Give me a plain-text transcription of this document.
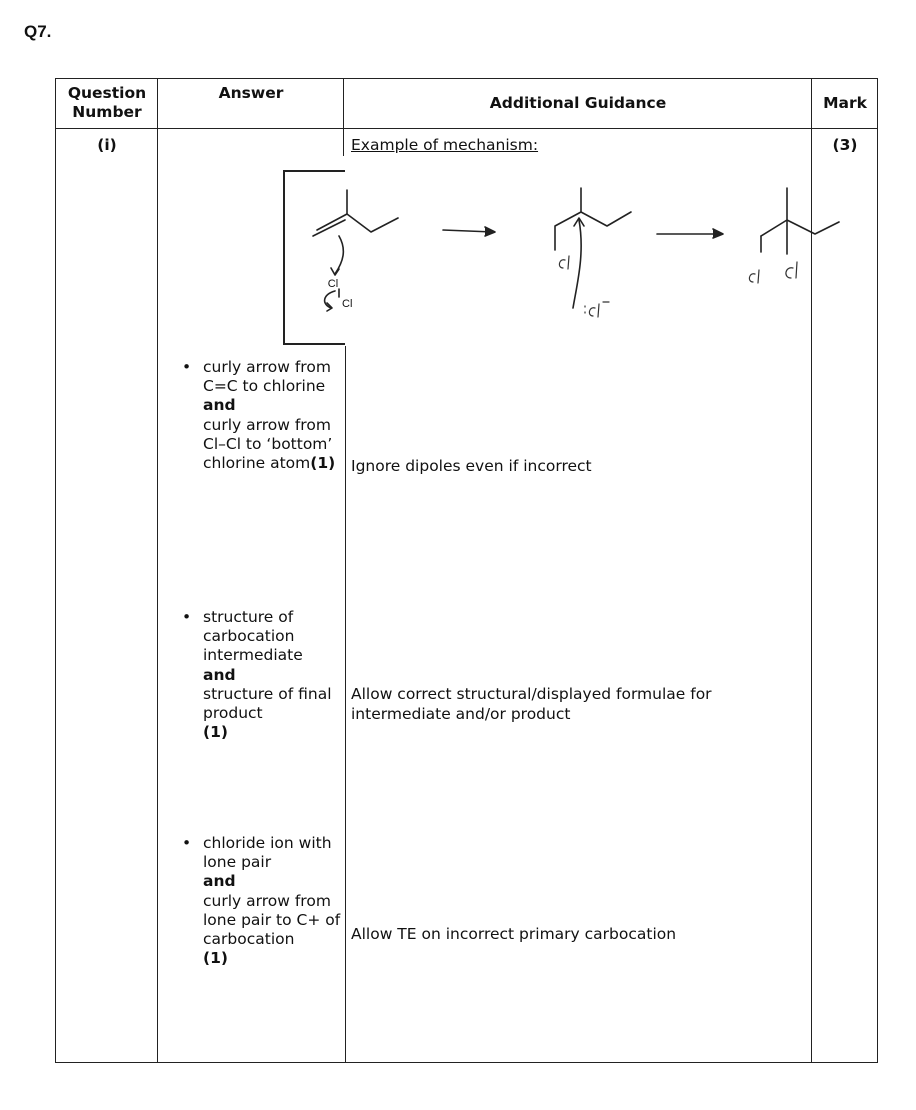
Q7.
Question Number
Answer
Additional Guidance	Mark
(i)	(3)
Example of mechanism:
Cl
Cl
• curly arrow from C=C to chlorine
and
curly arrow from Cl–Cl to ‘bottom’ chlorine atom(1)
• structure of carbocation intermediate
and
structure of final product
(1)
• chloride ion with lone pair
and
curly arrow from lone pair to C+ of carbocation
(1)
Ignore dipoles even if incorrect
Allow correct structural/displayed formulae for intermediate and/or product
Allow TE on incorrect primary carbocation
